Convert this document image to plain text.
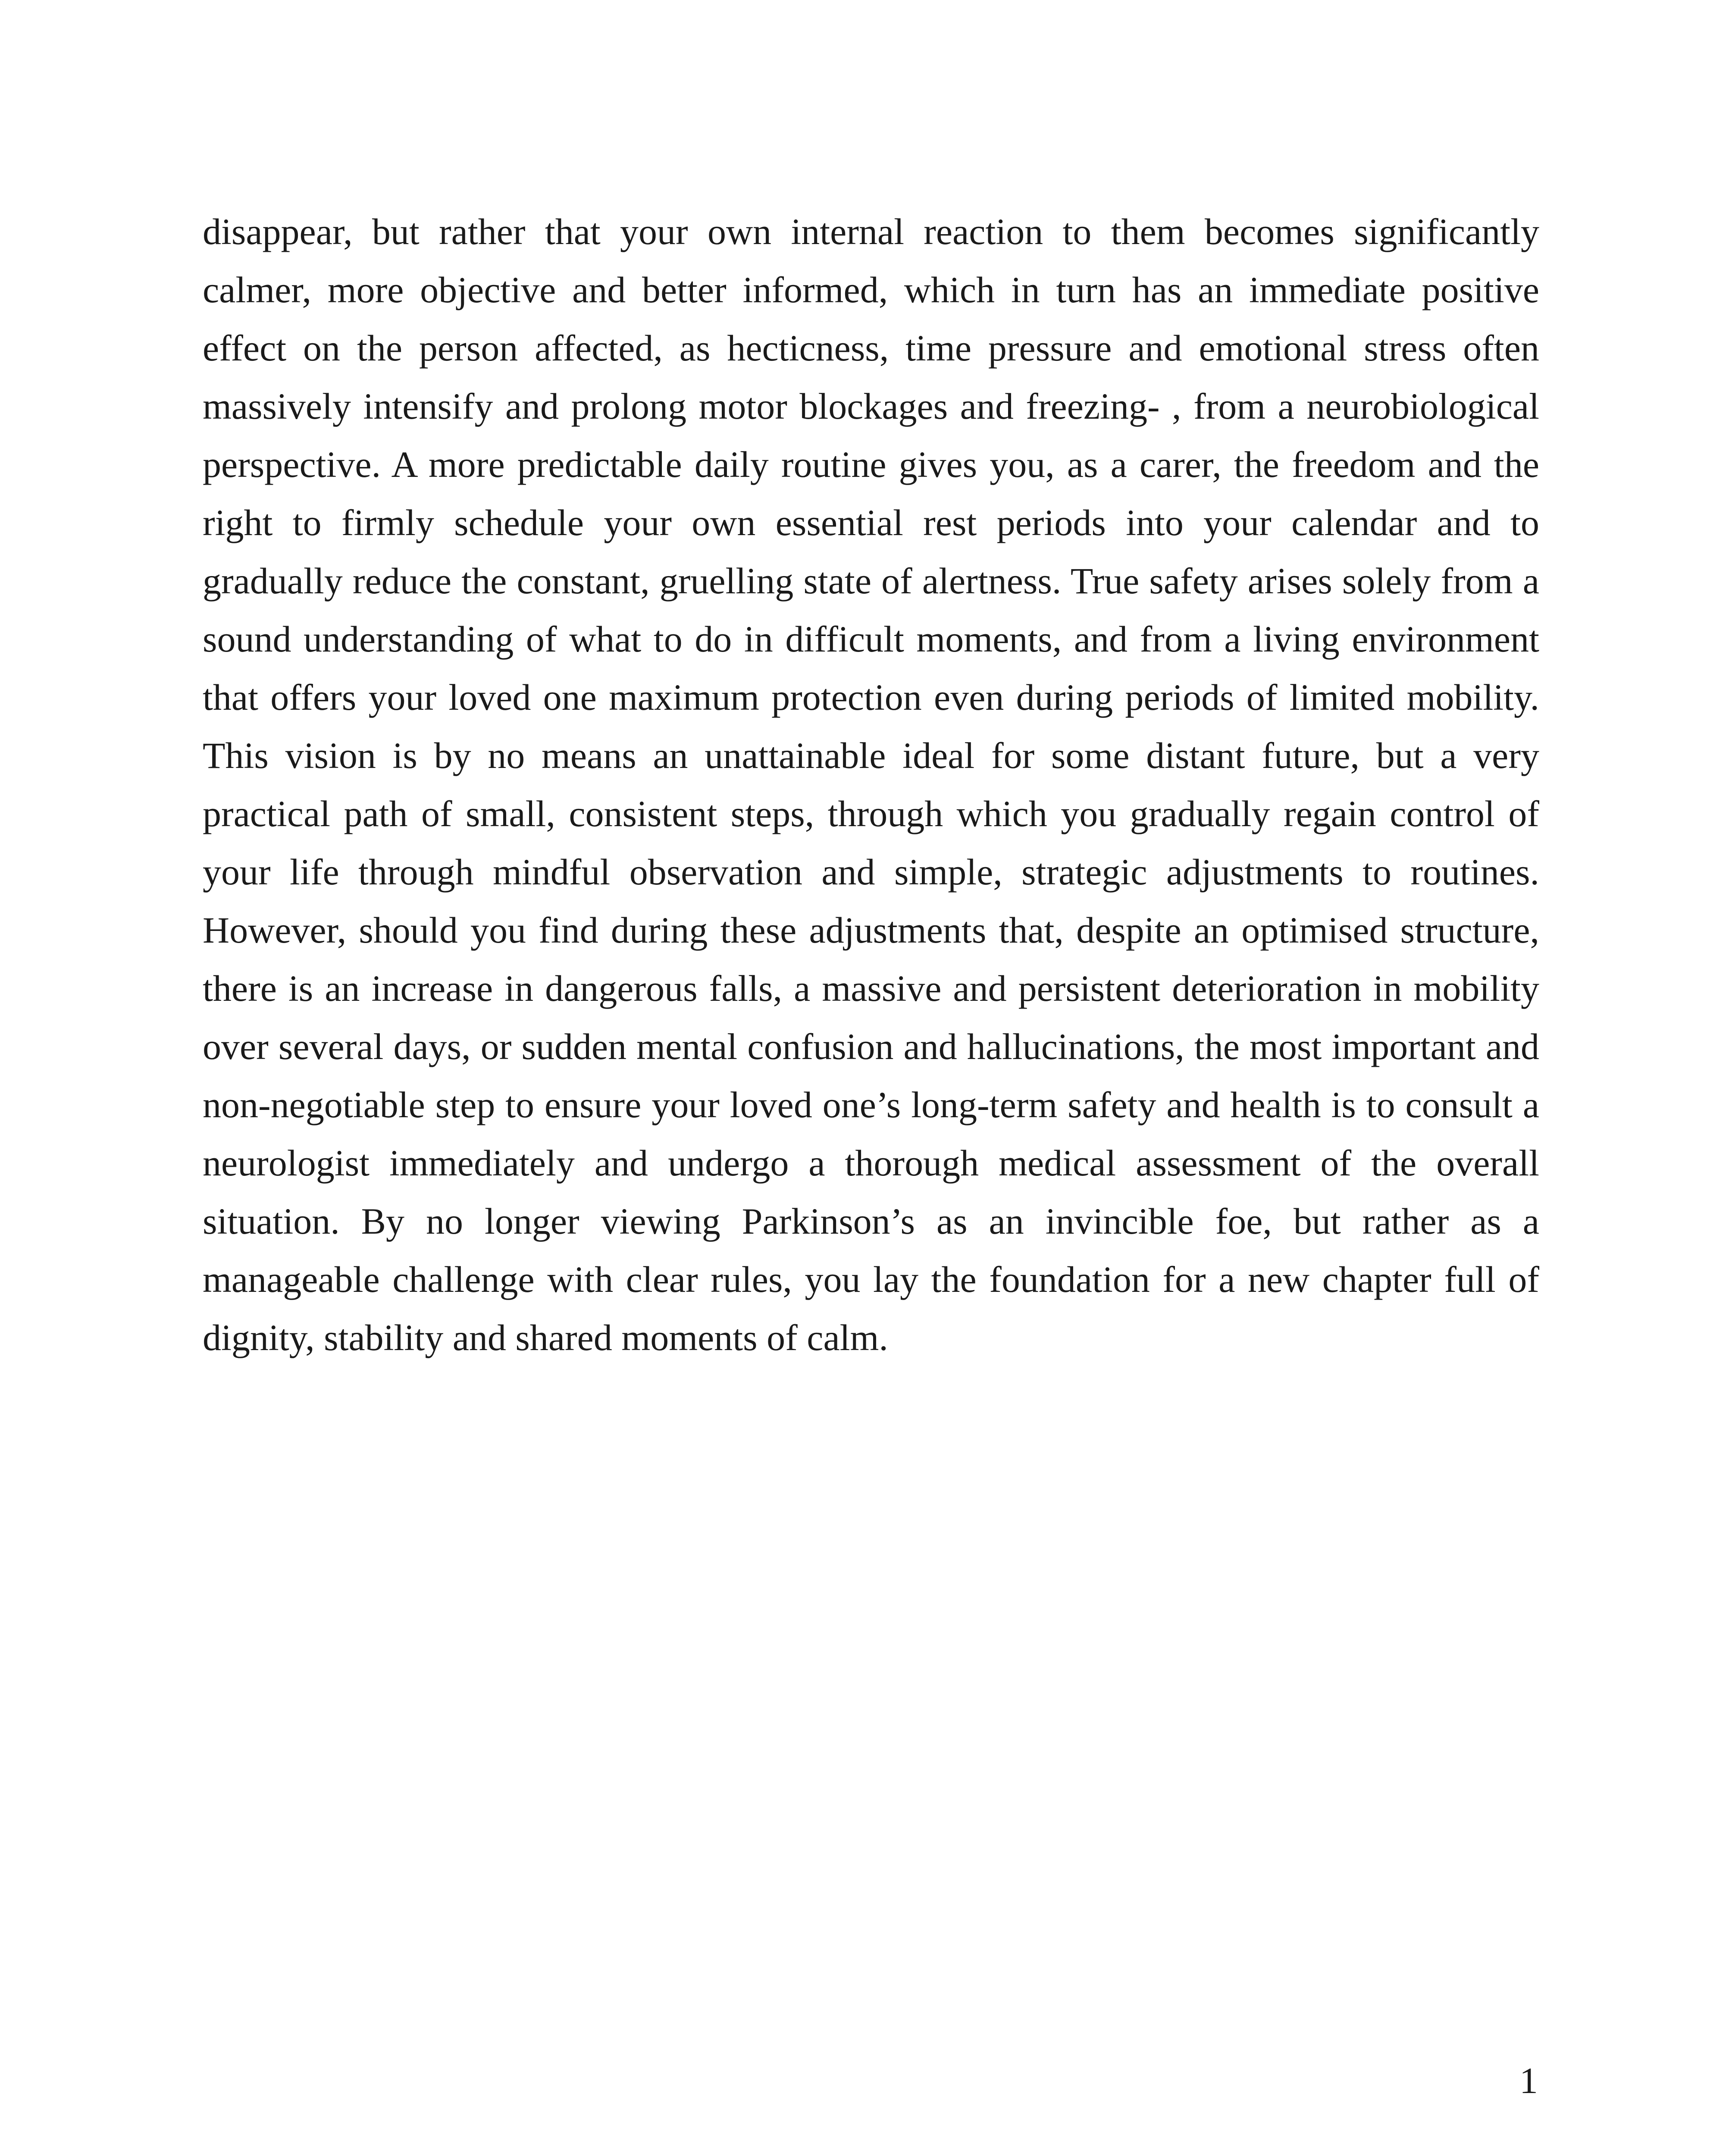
disappear, but rather that your own internal reaction to them becomes significantly calmer, more objective and better informed, which in turn has an immediate positive effect on the person affected, as hecticness, time pressure and emotional stress often massively intensify and prolong motor blockages and freezing- , from a neurobiological perspective. A more predictable daily routine gives you, as a carer, the freedom and the right to firmly schedule your own essential rest periods into your calendar and to gradually reduce the constant, gruelling state of alertness. True safety arises solely from a sound understanding of what to do in difficult moments, and from a living environment that offers your loved one maximum protection even during periods of limited mobility. This vision is by no means an unattainable ideal for some distant future, but a very practical path of small, consistent steps, through which you gradually regain control of your life through mindful observation and simple, strategic adjustments to routines. However, should you find during these adjustments that, despite an optimised structure, there is an increase in dangerous falls, a massive and persistent deterioration in mobility over several days, or sudden mental confusion and hallucinations, the most important and non-negotiable step to ensure your loved one’s long-term safety and health is to consult a neurologist immediately and undergo a thorough medical assessment of the overall situation. By no longer viewing Parkinson’s as an invincible foe, but rather as a manageable challenge with clear rules, you lay the foundation for a new chapter full of dignity, stability and shared moments of calm.

1
